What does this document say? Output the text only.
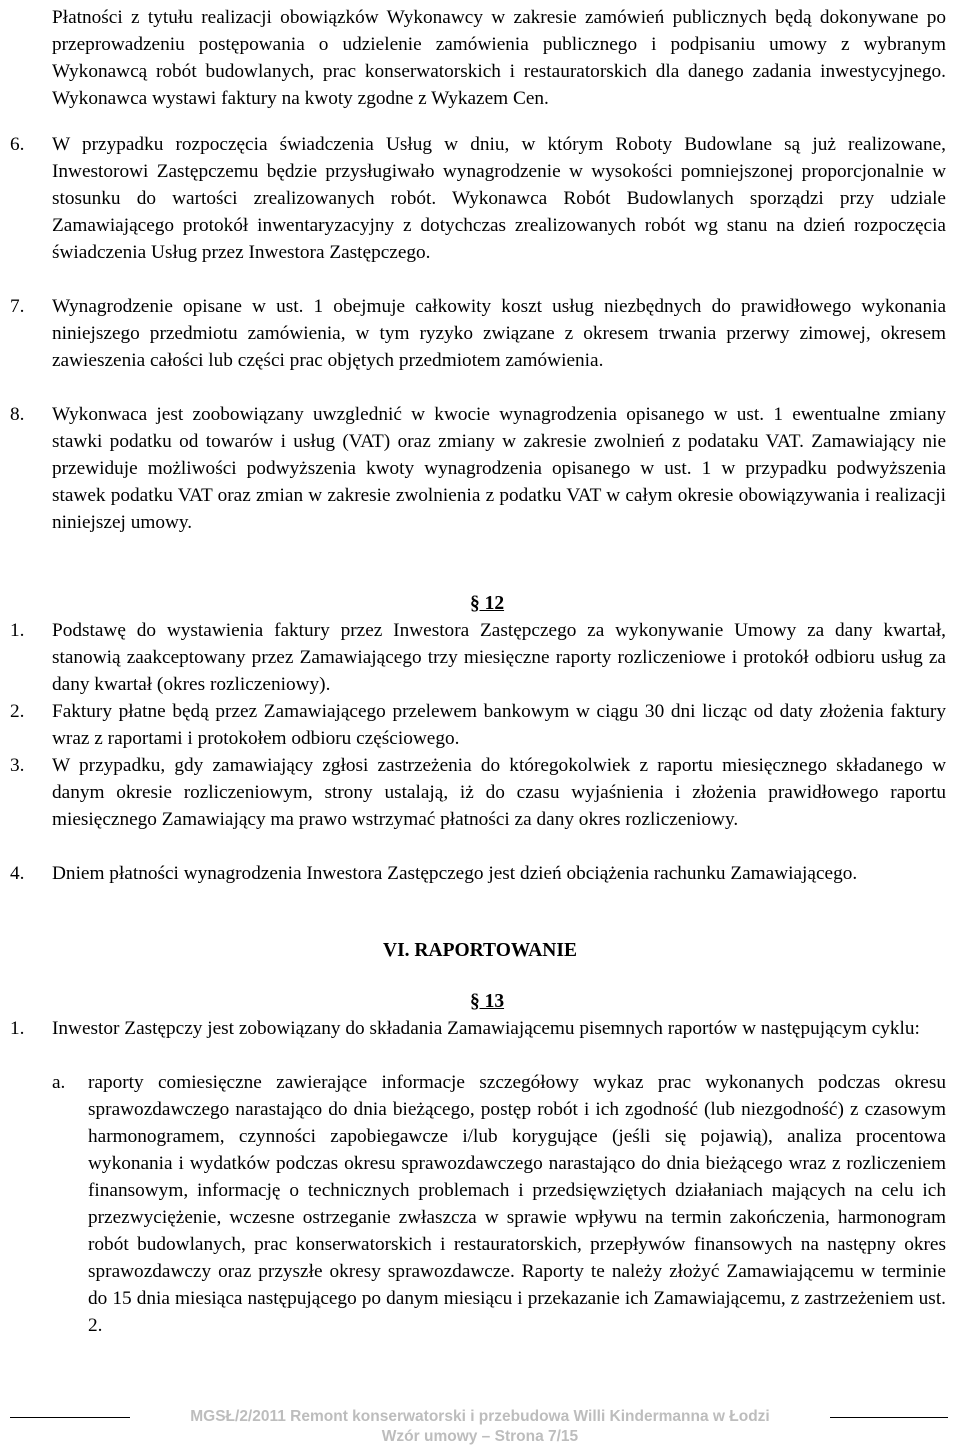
Płatności z tytułu realizacji obowiązków Wykonawcy w zakresie zamówień publicznych będą dokonywane po przeprowadzeniu postępowania o udzielenie zamówienia publicznego i podpisaniu umowy z wybranym Wykonawcą robót budowlanych, prac konserwatorskich i restauratorskich dla danego zadania inwestycyjnego. Wykonawca wystawi faktury na kwoty zgodne z Wykazem Cen.

6. W przypadku rozpoczęcia świadczenia Usług w dniu, w którym Roboty Budowlane są już realizowane, Inwestorowi Zastępczemu będzie przysługiwało wynagrodzenie w wysokości pomniejszonej proporcjonalnie w stosunku do wartości zrealizowanych robót. Wykonawca Robót Budowlanych sporządzi przy udziale Zamawiającego protokół inwentaryzacyjny z dotychczas zrealizowanych robót wg stanu na dzień rozpoczęcia świadczenia Usług przez Inwestora Zastępczego.

7. Wynagrodzenie opisane w ust. 1 obejmuje całkowity koszt usług niezbędnych do prawidłowego wykonania niniejszego przedmiotu zamówienia, w tym ryzyko związane z okresem trwania przerwy zimowej, okresem zawieszenia całości lub części prac objętych przedmiotem zamówienia.

8. Wykonwaca jest zoobowiązany uwzglednić w kwocie wynagrodzenia opisanego w ust. 1 ewentualne zmiany stawki podatku od towarów i usług (VAT) oraz zmiany w zakresie zwolnień z podataku VAT. Zamawiający nie przewiduje możliwości podwyższenia kwoty wynagrodzenia opisanego w ust. 1 w przypadku podwyższenia stawek podatku VAT oraz zmian w zakresie zwolnienia z podatku VAT w całym okresie obowiązywania i realizacji niniejszej umowy.

§ 12
1. Podstawę do wystawienia faktury przez Inwestora Zastępczego za wykonywanie Umowy za dany kwartał, stanowią zaakceptowany przez Zamawiającego trzy miesięczne raporty rozliczeniowe i protokół odbioru usług za dany kwartał (okres rozliczeniowy).

2. Faktury płatne będą przez Zamawiającego przelewem bankowym w ciągu 30 dni licząc od daty złożenia faktury wraz z raportami i protokołem odbioru częściowego.

3. W przypadku, gdy zamawiający zgłosi zastrzeżenia do któregokolwiek z raportu miesięcznego składanego w danym okresie rozliczeniowym, strony ustalają, iż do czasu wyjaśnienia i złożenia prawidłowego raportu miesięcznego Zamawiający ma prawo wstrzymać płatności za dany okres rozliczeniowy.

4. Dniem płatności wynagrodzenia Inwestora Zastępczego jest dzień obciążenia rachunku Zamawiającego.

VI. RAPORTOWANIE
§ 13
1. Inwestor Zastępczy jest zobowiązany do składania Zamawiającemu pisemnych raportów w następującym cyklu:

a. raporty comiesięczne zawierające informacje szczegółowy wykaz prac wykonanych podczas okresu sprawozdawczego narastająco do dnia bieżącego, postęp robót i ich zgodność (lub niezgodność) z czasowym harmonogramem, czynności zapobiegawcze i/lub korygujące (jeśli się pojawią), analiza procentowa wykonania i wydatków podczas okresu sprawozdawczego narastająco do dnia bieżącego wraz z rozliczeniem finansowym, informację o technicznych problemach i przedsięwziętych działaniach mających na celu ich przezwyciężenie, wczesne ostrzeganie zwłaszcza w sprawie wpływu na termin zakończenia, harmonogram robót budowlanych, prac konserwatorskich i restauratorskich, przepływów finansowych na następny okres sprawozdawczy oraz przyszłe okresy sprawozdawcze. Raporty te należy złożyć Zamawiającemu w terminie do 15 dnia miesiąca następującego po danym miesiącu i przekazanie ich Zamawiającemu, z zastrzeżeniem ust. 2.

MGSŁ/2/2011 Remont konserwatorski i przebudowa Willi Kindermanna w Łodzi
Wzór umowy – Strona 7/15
